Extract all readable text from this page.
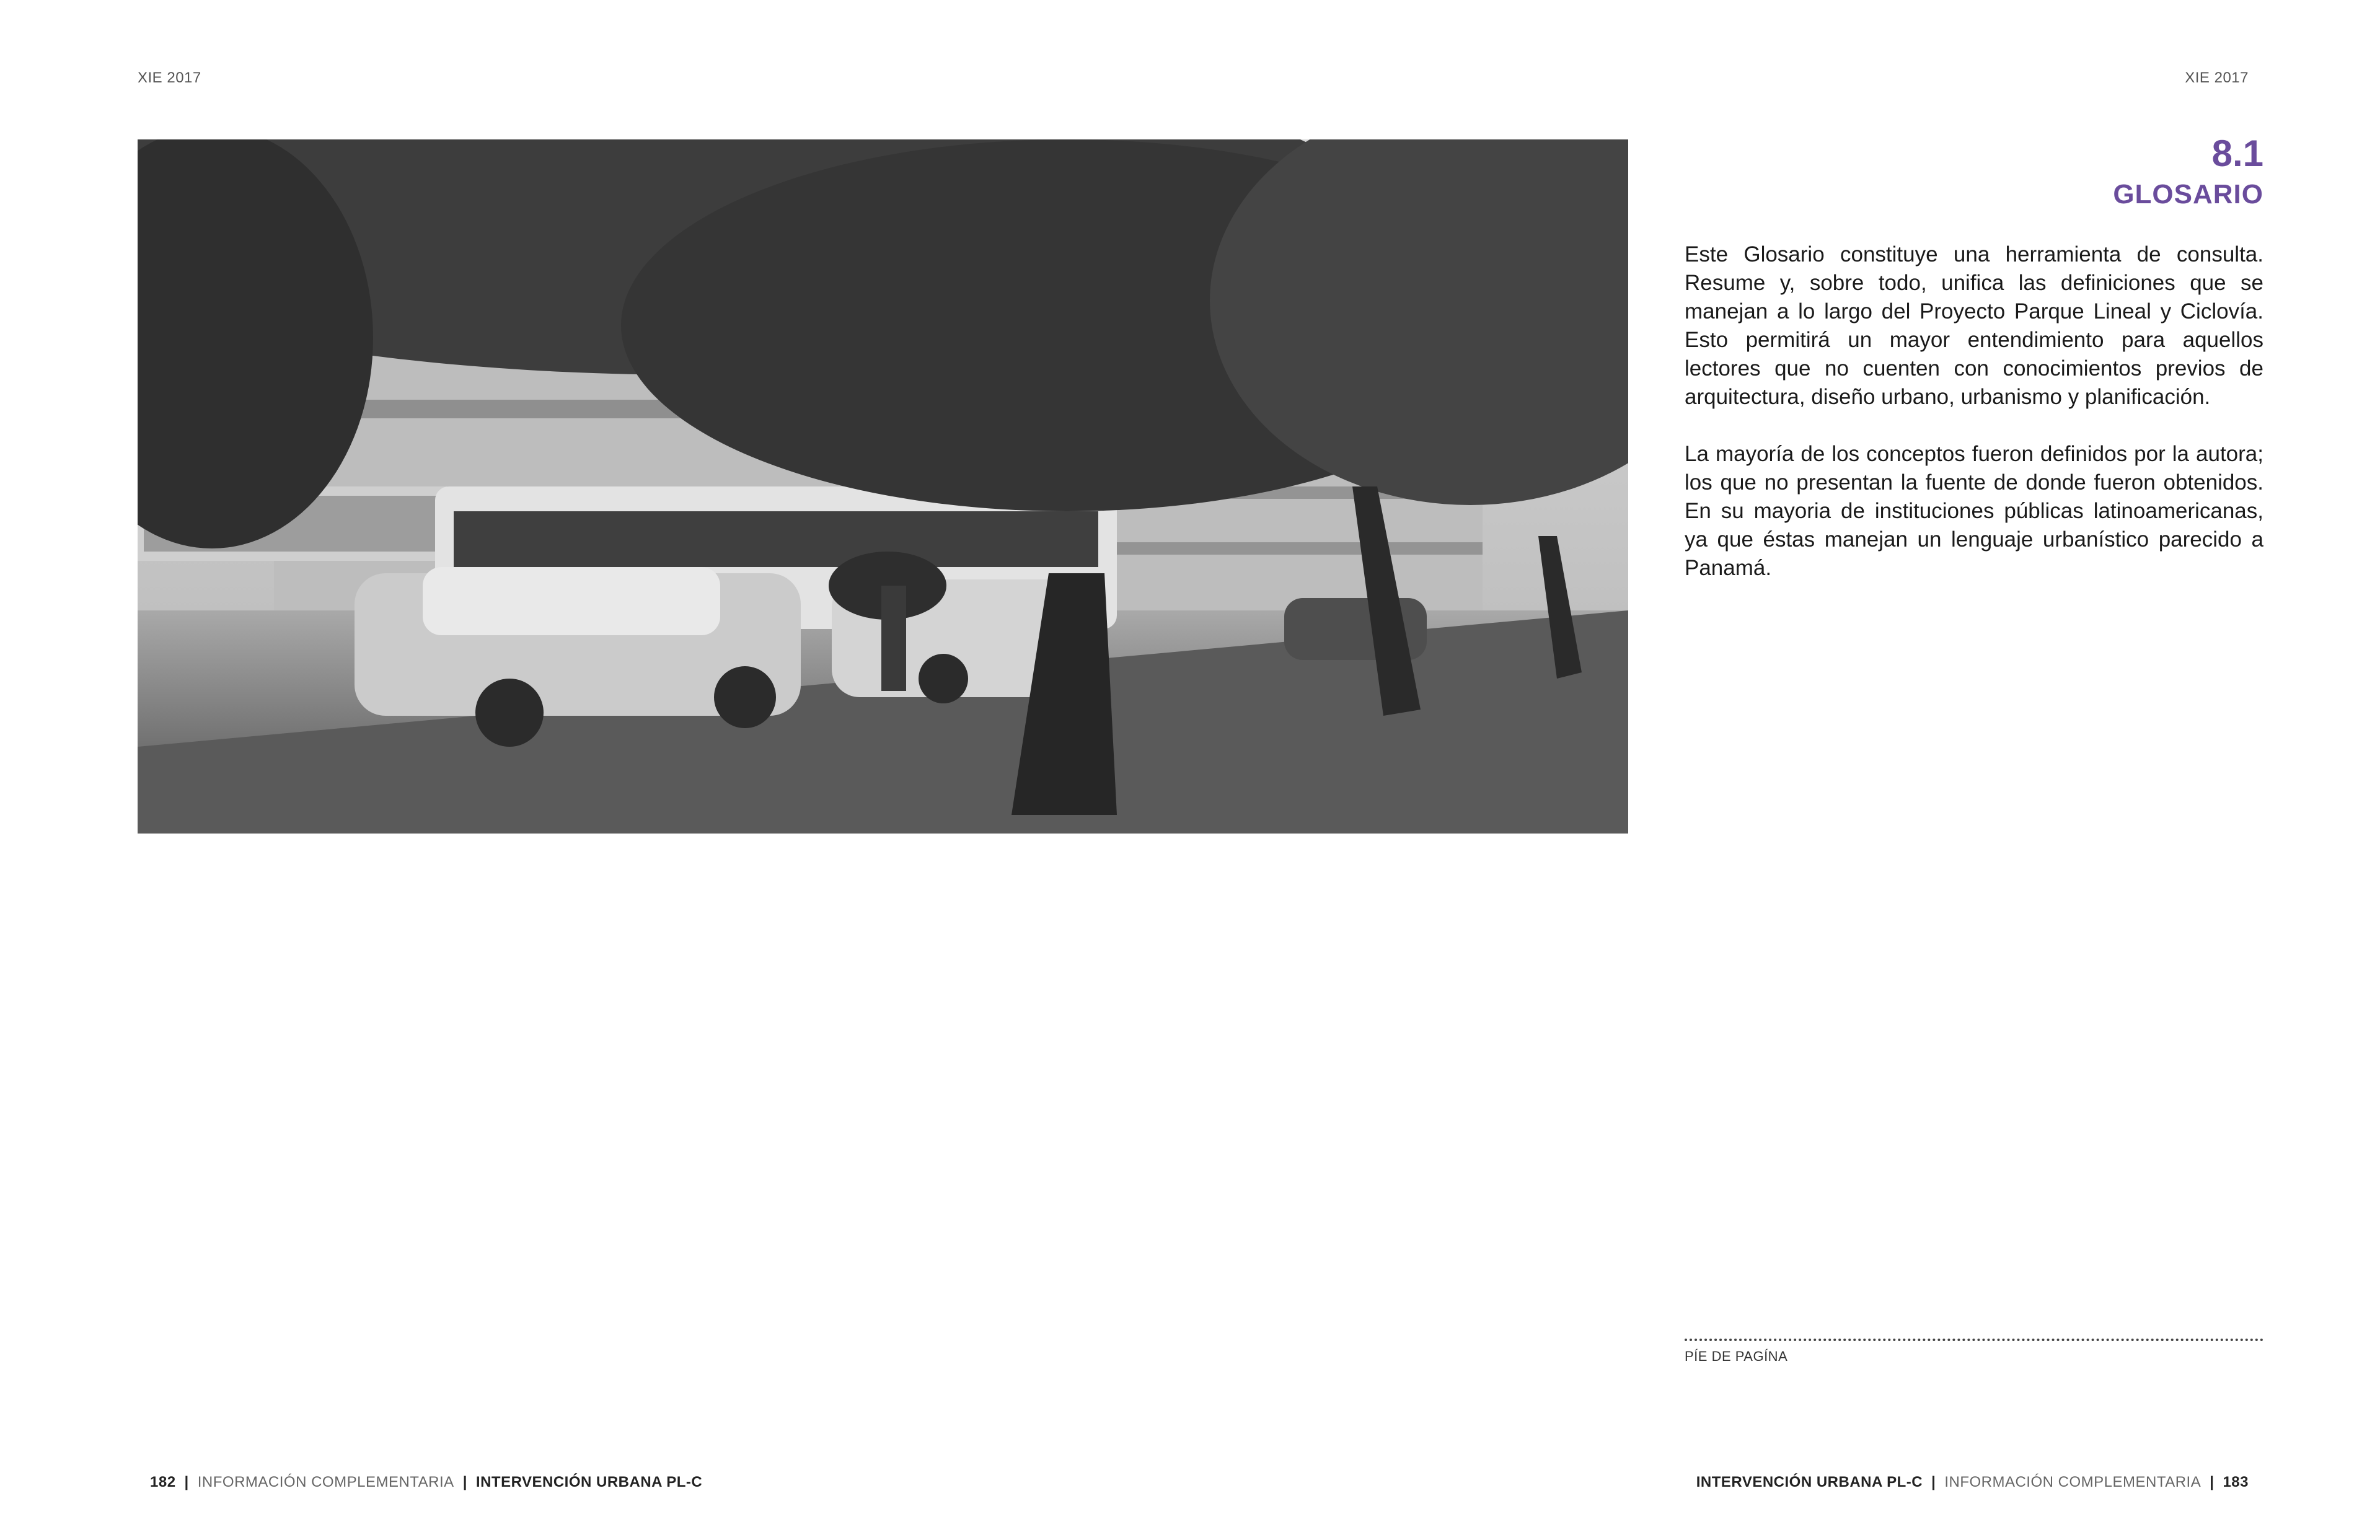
XIE 2017	XIE 2017
8.1
GLOSARIO

Este Glosario constituye una herramienta de consulta. Resume y, sobre todo, unifica las definiciones que se manejan a lo largo del Proyecto Parque Lineal y Ciclovía. Esto permitirá un mayor entendimiento para aquellos lectores que no cuenten con conocimientos previos de arquitectura, diseño urbano, urbanismo y planificación.

La mayoría de los conceptos fueron definidos por la autora; los que no presentan la fuente de donde fueron obtenidos. En su mayoria de instituciones públicas latinoamericanas, ya que éstas manejan un lenguaje urbanístico parecido a Panamá.

PÍE DE PAGÍNA
182 | INFORMACIÓN COMPLEMENTARIA | INTERVENCIÓN URBANA PL-C	INTERVENCIÓN URBANA PL-C | INFORMACIÓN COMPLEMENTARIA | 183
